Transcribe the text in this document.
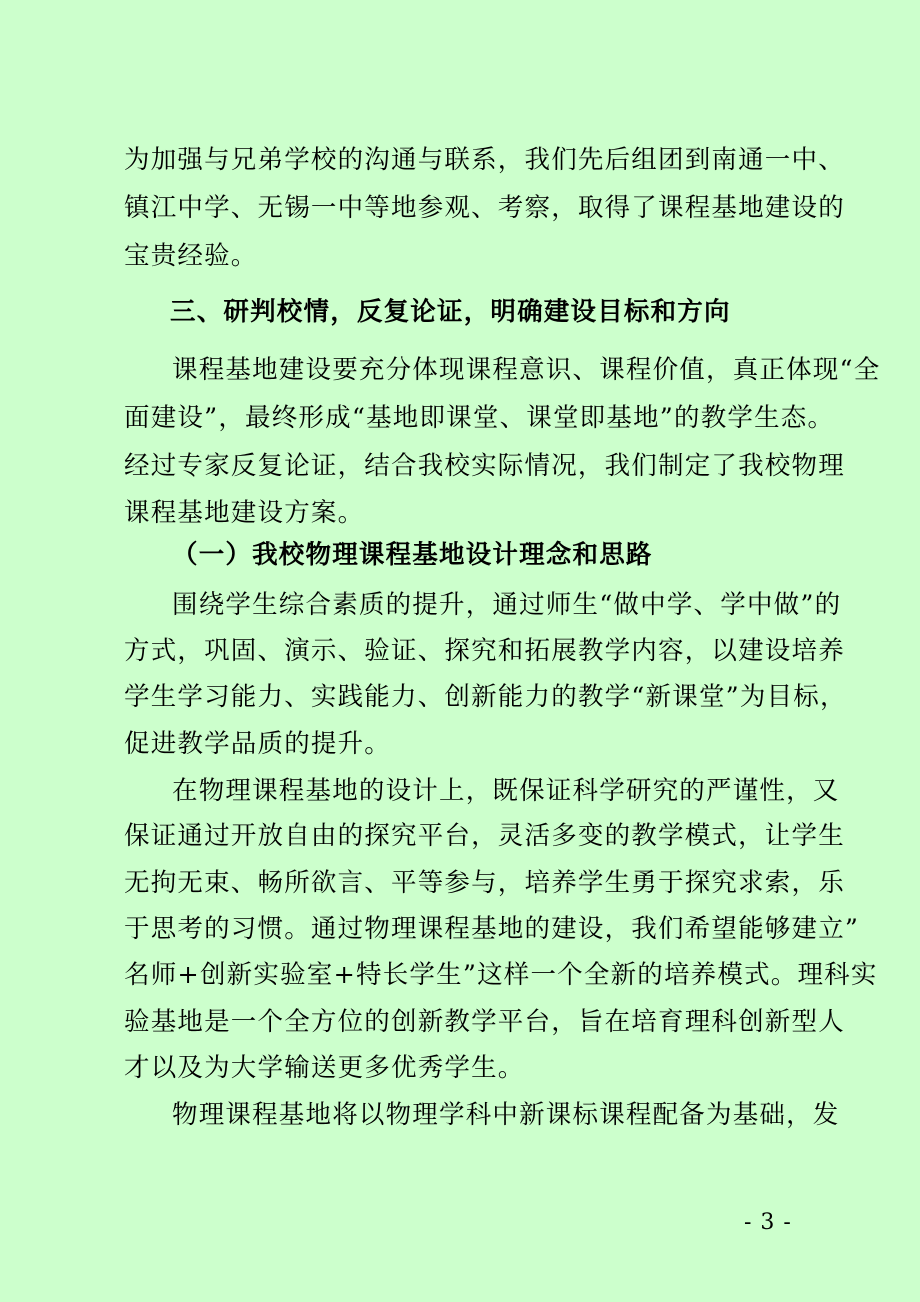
为加强与兄弟学校的沟通与联系，我们先后组团到南通一中、
镇江中学、无锡一中等地参观、考察，取得了课程基地建设的
宝贵经验。
三、研判校情，反复论证，明确建设目标和方向
课程基地建设要充分体现课程意识、课程价值，真正体现“全
面建设”，最终形成“基地即课堂、课堂即基地”的教学生态。
经过专家反复论证，结合我校实际情况，我们制定了我校物理
课程基地建设方案。
（一）我校物理课程基地设计理念和思路
围绕学生综合素质的提升，通过师生“做中学、学中做”的
方式，巩固、演示、验证、探究和拓展教学内容，以建设培养
学生学习能力、实践能力、创新能力的教学“新课堂”为目标，
促进教学品质的提升。
在物理课程基地的设计上，既保证科学研究的严谨性，又
保证通过开放自由的探究平台，灵活多变的教学模式，让学生
无拘无束、畅所欲言、平等参与，培养学生勇于探究求索，乐
于思考的习惯。通过物理课程基地的建设，我们希望能够建立”
名师+创新实验室+特长学生”这样一个全新的培养模式。理科实
验基地是一个全方位的创新教学平台，旨在培育理科创新型人
才以及为大学输送更多优秀学生。
物理课程基地将以物理学科中新课标课程配备为基础，发
- 3 -
